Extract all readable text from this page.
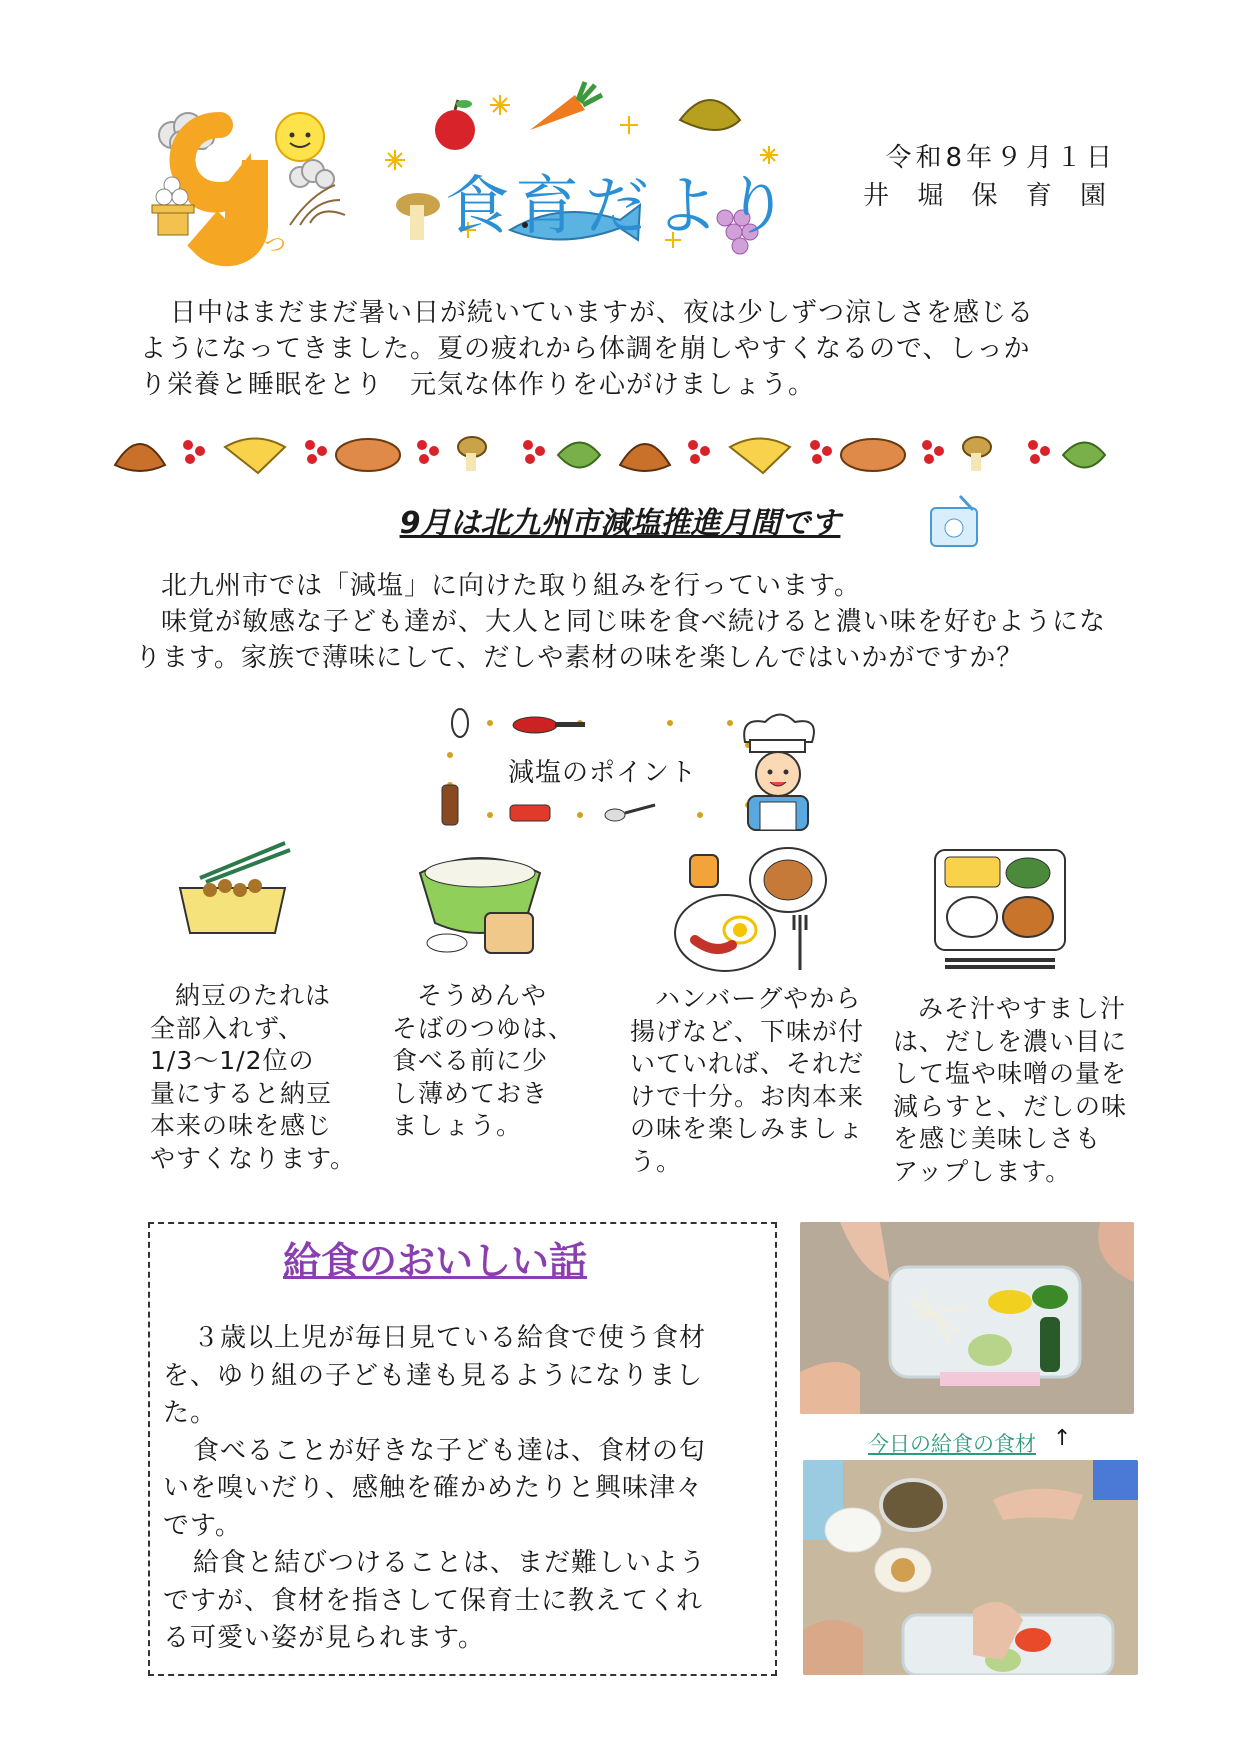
がつ
食育だより
令和8年９月１日
井 堀 保 育 園
日中はまだまだ暑い日が続いていますが、夜は少しずつ涼しさを感じる
ようになってきました。夏の疲れから体調を崩しやすくなるので、しっか
り栄養と睡眠をとり　元気な体作りを心がけましょう。
9月は北九州市減塩推進月間です
北九州市では「減塩」に向けた取り組みを行っています。
味覚が敏感な子ども達が、大人と同じ味を食べ続けると濃い味を好むようにな
ります。家族で薄味にして、だしや素材の味を楽しんではいかがですか？
減塩のポイント
納豆のたれは
全部入れず、
1/3～1/2位の
量にすると納豆
本来の味を感じ
やすくなります。
そうめんや
そばのつゆは、
食べる前に少
し薄めておき
ましょう。
ハンバーグやから
揚げなど、下味が付
いていれば、それだ
けで十分。お肉本来
の味を楽しみましょ
う。
みそ汁やすまし汁
は、だしを濃い目に
して塩や味噌の量を
減らすと、だしの味
を感じ美味しさも
アップします。
給食のおいしい話
３歳以上児が毎日見ている給食で使う食材
を、ゆり組の子ども達も見るようになりまし
た。
食べることが好きな子ども達は、食材の匂
いを嗅いだり、感触を確かめたりと興味津々
です。
給食と結びつけることは、まだ難しいよう
ですが、食材を指さして保育士に教えてくれ
る可愛い姿が見られます。
今日の給食の食材 ↑
